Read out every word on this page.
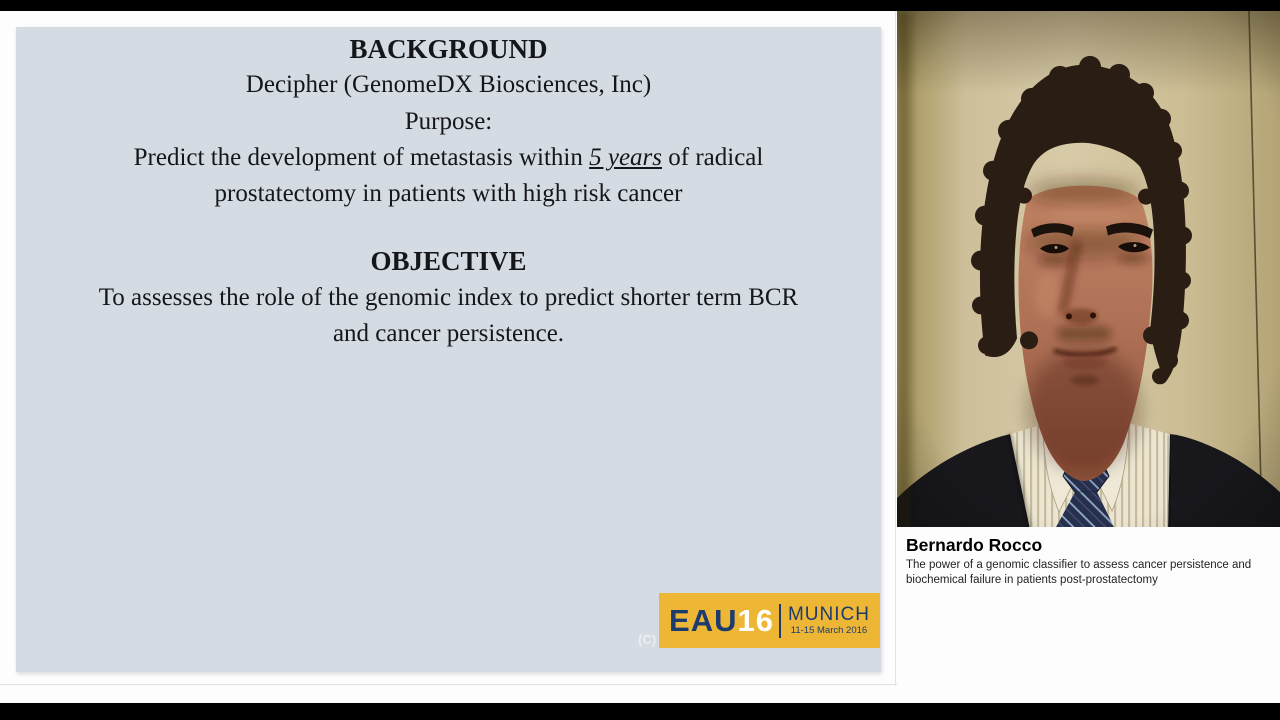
BACKGROUND
Decipher (GenomeDX Biosciences, Inc)
Purpose:
Predict the development of metastasis within 5 years of radical
prostatectomy in patients with high risk cancer
OBJECTIVE
To assesses the role of the genomic index to predict shorter term BCR
and cancer persistence.
(C)
EAU 16 MUNICH
11-15 March 2016
Bernardo Rocco
The power of a genomic classifier to assess cancer persistence and biochemical failure in patients post-prostatectomy
